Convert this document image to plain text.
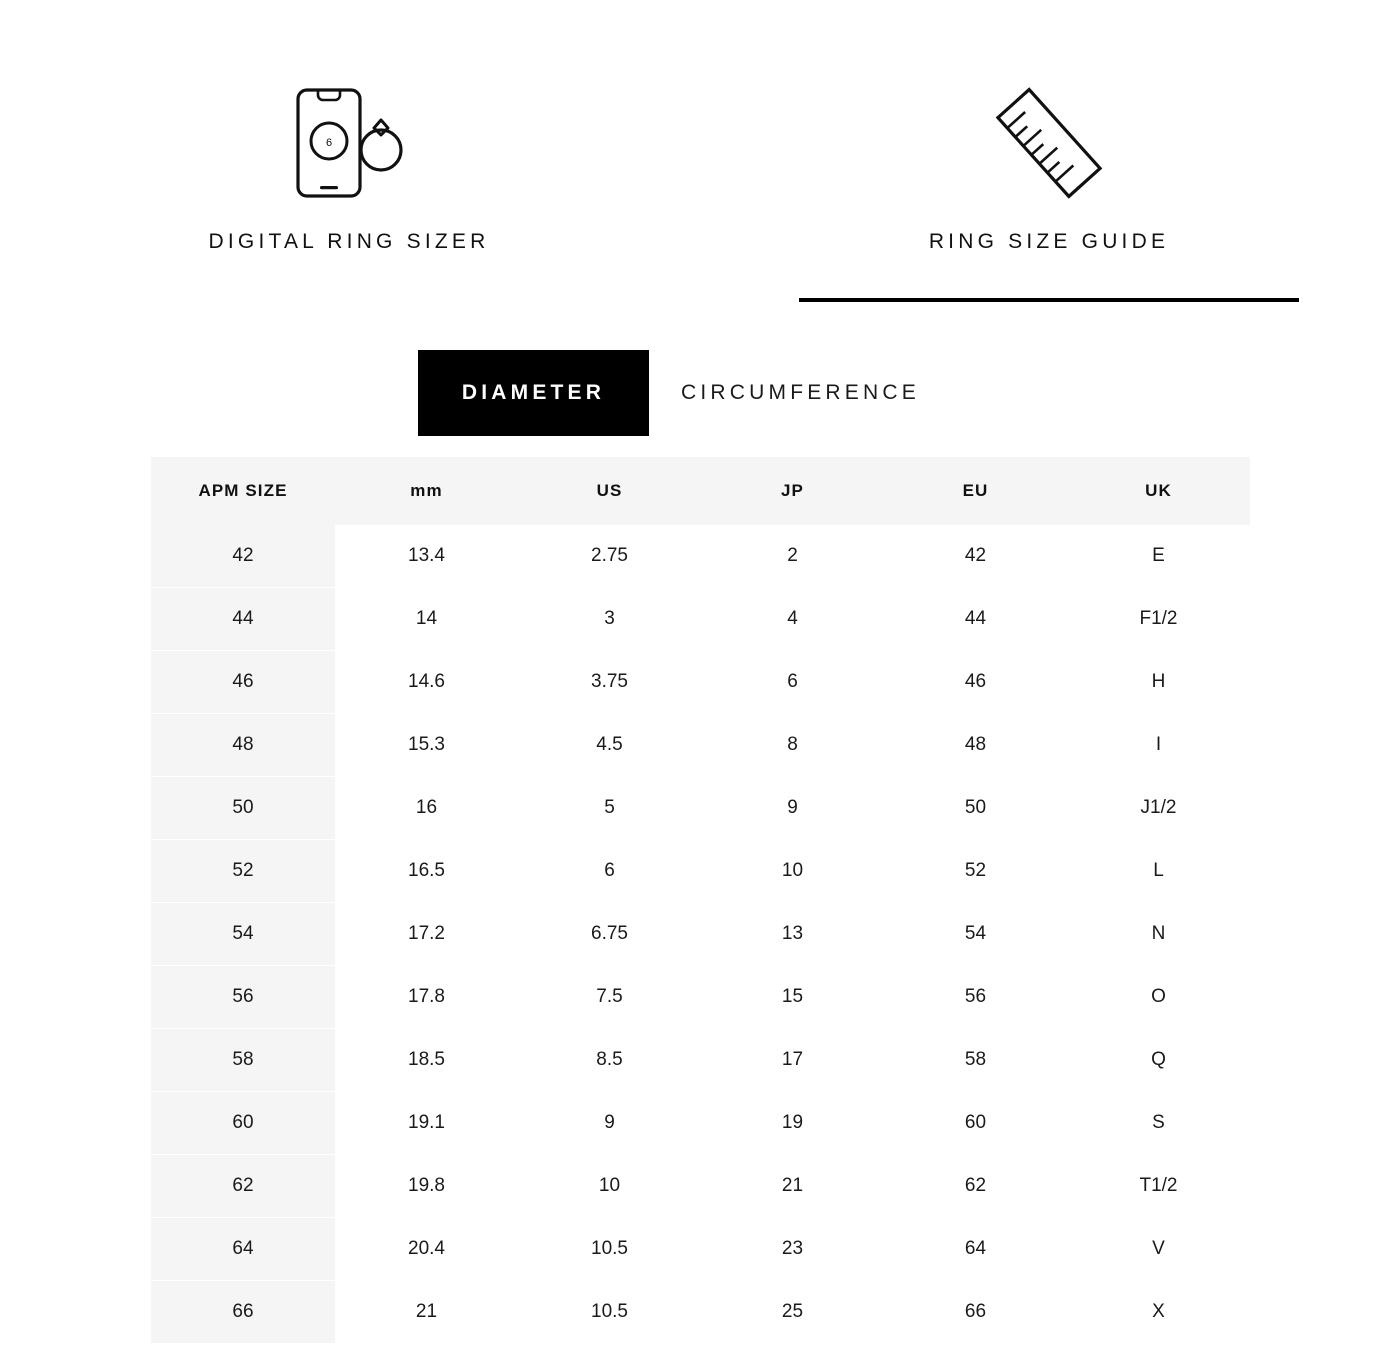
6
DIGITAL RING SIZER	RING SIZE GUIDE
DIAMETER	CIRCUMFERENCE
APM SIZE	mm	US	JP	EU	UK
42	13.4	2.75	2	42	E
44	14	3	4	44	F1/2
46	14.6	3.75	6	46	H
48	15.3	4.5	8	48	I
50	16	5	9	50	J1/2
52	16.5	6	10	52	L
54	17.2	6.75	13	54	N
56	17.8	7.5	15	56	O
58	18.5	8.5	17	58	Q
60	19.1	9	19	60	S
62	19.8	10	21	62	T1/2
64	20.4	10.5	23	64	V
66	21	10.5	25	66	X
